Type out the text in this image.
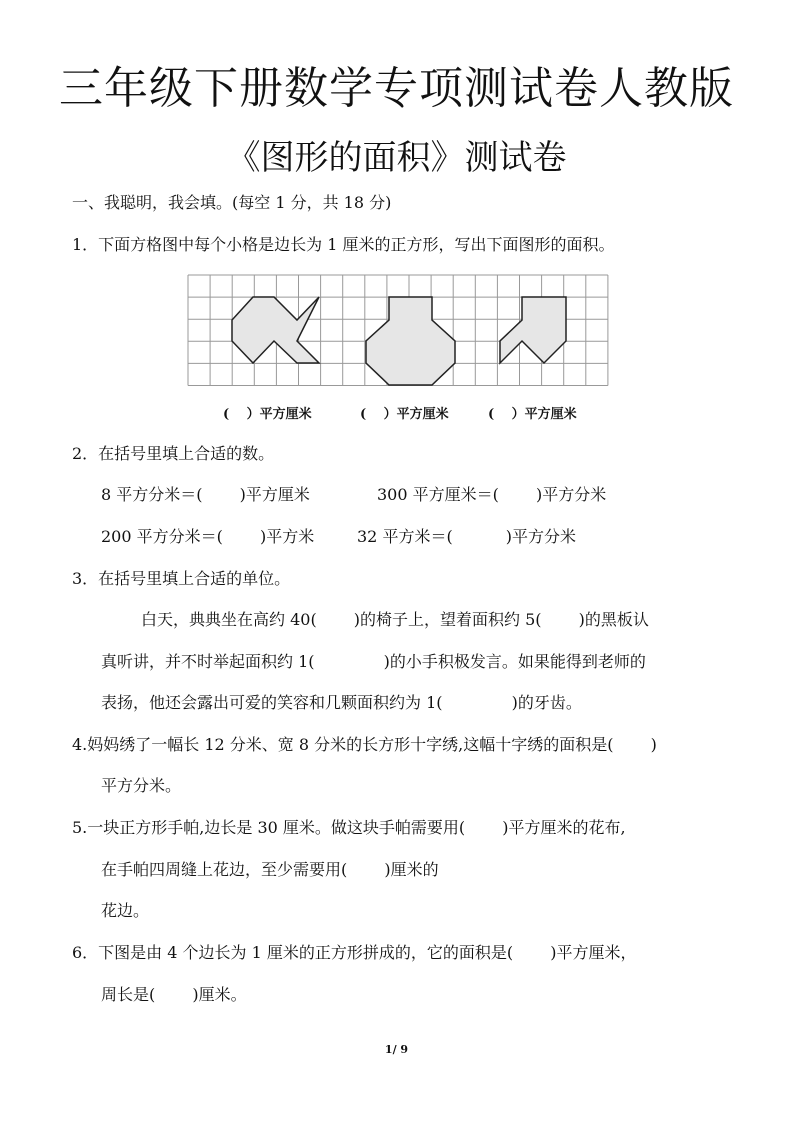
三年级下册数学专项测试卷人教版
《图形的面积》测试卷
一、我聪明，我会填。(每空 1 分，共 18 分)
1．下面方格图中每个小格是边长为 1 厘米的正方形，写出下面图形的面积。
(　 ）平方厘米	(　 ）平方厘米	(　 ）平方厘米
2．在括号里填上合适的数。
8 平方分米＝(　　 )平方厘米	300 平方厘米＝(　　 )平方分米
200 平方分米＝(　　 )平方米	32 平方米＝(　　　 )平方分米
3．在括号里填上合适的单位。
白天，典典坐在高约 40(　　 )的椅子上，望着面积约 5(　　 )的黑板认
真听讲，并不时举起面积约 1(　　　　 )的小手积极发言。如果能得到老师的
表扬，他还会露出可爱的笑容和几颗面积约为 1(　　　　 )的牙齿。
4.妈妈绣了一幅长 12 分米、宽 8 分米的长方形十字绣,这幅十字绣的面积是(　　 )
平方分米。
5.一块正方形手帕,边长是 30 厘米。做这块手帕需要用(　　 )平方厘米的花布,
在手帕四周缝上花边，至少需要用(　　 )厘米的
花边。
6．下图是由 4 个边长为 1 厘米的正方形拼成的，它的面积是(　　 )平方厘米，
周长是(　　 )厘米。
1/ 9
